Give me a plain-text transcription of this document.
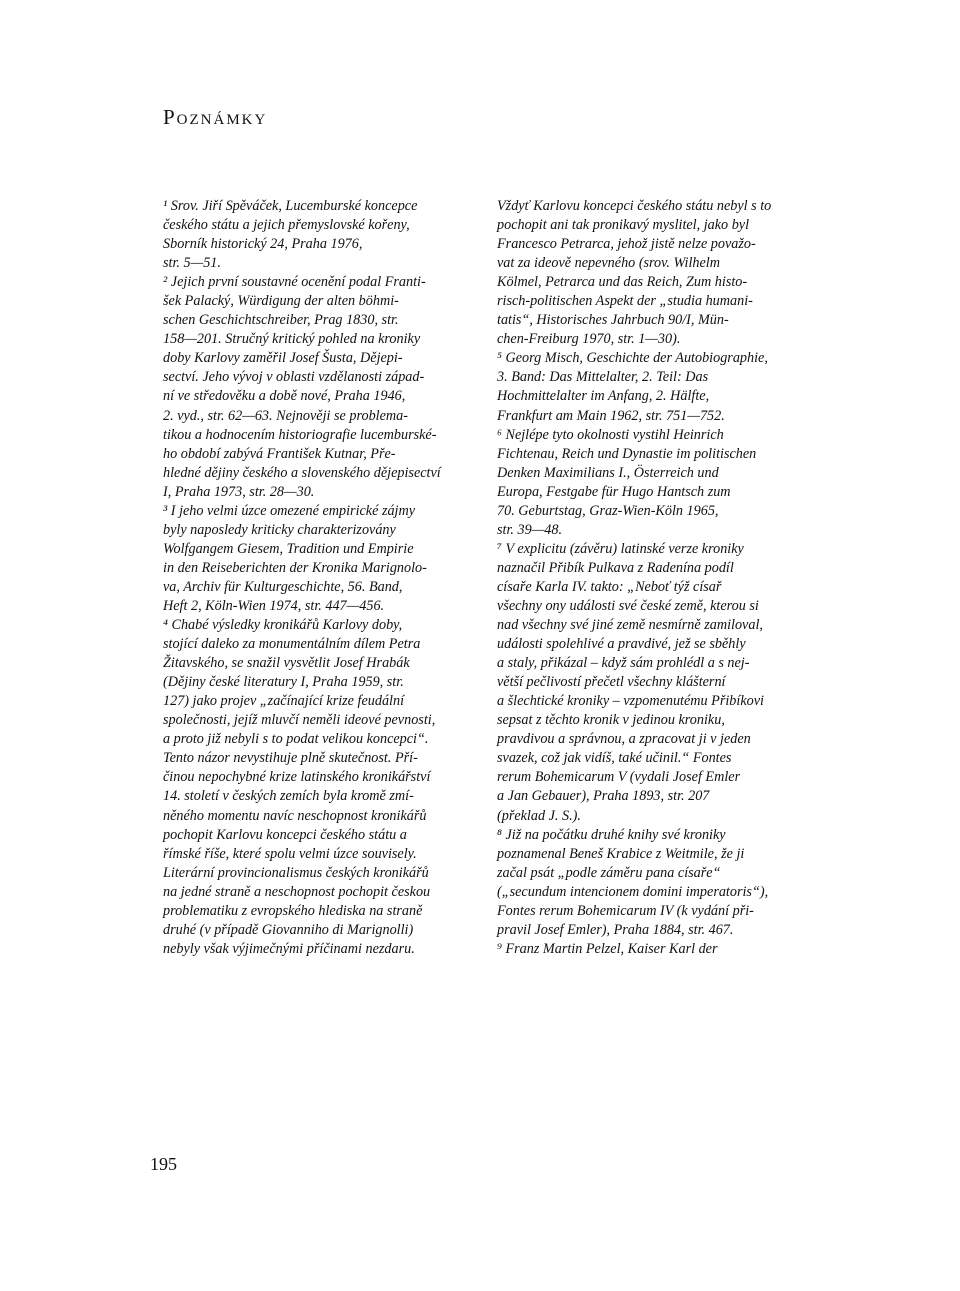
Poznámky
¹ Srov. Jiří Spěváček, Lucemburské koncepce
českého státu a jejich přemyslovské kořeny,
Sborník historický 24, Praha 1976,
str. 5—51.
² Jejich první soustavné ocenění podal Franti-
šek Palacký, Würdigung der alten böhmi-
schen Geschichtschreiber, Prag 1830, str.
158—201. Stručný kritický pohled na kroniky
doby Karlovy zaměřil Josef Šusta, Dějepi-
sectví. Jeho vývoj v oblasti vzdělanosti západ-
ní ve středověku a době nové, Praha 1946,
2. vyd., str. 62—63. Nejnověji se problema-
tikou a hodnocením historiografie lucemburské-
ho období zabývá František Kutnar, Pře-
hledné dějiny českého a slovenského dějepisectví
I, Praha 1973, str. 28—30.
³ I jeho velmi úzce omezené empirické zájmy
byly naposledy kriticky charakterizovány
Wolfgangem Giesem, Tradition und Empirie
in den Reiseberichten der Kronika Marignolo-
va, Archiv für Kulturgeschichte, 56. Band,
Heft 2, Köln-Wien 1974, str. 447—456.
⁴ Chabé výsledky kronikářů Karlovy doby,
stojící daleko za monumentálním dílem Petra
Žitavského, se snažil vysvětlit Josef Hrabák
(Dějiny české literatury I, Praha 1959, str.
127) jako projev „začínající krize feudální
společnosti, jejíž mluvčí neměli ideové pevnosti,
a proto již nebyli s to podat velikou koncepci“.
Tento názor nevystihuje plně skutečnost. Pří-
činou nepochybné krize latinského kronikářství
14. století v českých zemích byla kromě zmí-
něného momentu navíc neschopnost kronikářů
pochopit Karlovu koncepci českého státu a
římské říše, které spolu velmi úzce souvisely.
Literární provincionalismus českých kronikářů
na jedné straně a neschopnost pochopit českou
problematiku z evropského hlediska na straně
druhé (v případě Giovanniho di Marignolli)
nebyly však výjimečnými příčinami nezdaru.
Vždyť Karlovu koncepci českého státu nebyl s to
pochopit ani tak pronikavý myslitel, jako byl
Francesco Petrarca, jehož jistě nelze považo-
vat za ideově nepevného (srov. Wilhelm
Kölmel, Petrarca und das Reich, Zum histo-
risch-politischen Aspekt der „studia humani-
tatis“, Historisches Jahrbuch 90/I, Mün-
chen-Freiburg 1970, str. 1—30).
⁵ Georg Misch, Geschichte der Autobiographie,
3. Band: Das Mittelalter, 2. Teil: Das
Hochmittelalter im Anfang, 2. Hälfte,
Frankfurt am Main 1962, str. 751—752.
⁶ Nejlépe tyto okolnosti vystihl Heinrich
Fichtenau, Reich und Dynastie im politischen
Denken Maximilians I., Österreich und
Europa, Festgabe für Hugo Hantsch zum
70. Geburtstag, Graz-Wien-Köln 1965,
str. 39—48.
⁷ V explicitu (závěru) latinské verze kroniky
naznačil Přibík Pulkava z Radenína podíl
císaře Karla IV. takto: „Neboť týž císař
všechny ony události své české země, kterou si
nad všechny své jiné země nesmírně zamiloval,
události spolehlivé a pravdivé, jež se sběhly
a staly, přikázal – když sám prohlédl a s nej-
větší pečlivostí přečetl všechny klášterní
a šlechtické kroniky – vzpomenutému Přibíkovi
sepsat z těchto kronik v jedinou kroniku,
pravdivou a správnou, a zpracovat ji v jeden
svazek, což jak vidíš, také učinil.“ Fontes
rerum Bohemicarum V (vydali Josef Emler
a Jan Gebauer), Praha 1893, str. 207
(překlad J. S.).
⁸ Již na počátku druhé knihy své kroniky
poznamenal Beneš Krabice z Weitmile, že ji
začal psát „podle záměru pana císaře“
(„secundum intencionem domini imperatoris“),
Fontes rerum Bohemicarum IV (k vydání při-
pravil Josef Emler), Praha 1884, str. 467.
⁹ Franz Martin Pelzel, Kaiser Karl der
195
